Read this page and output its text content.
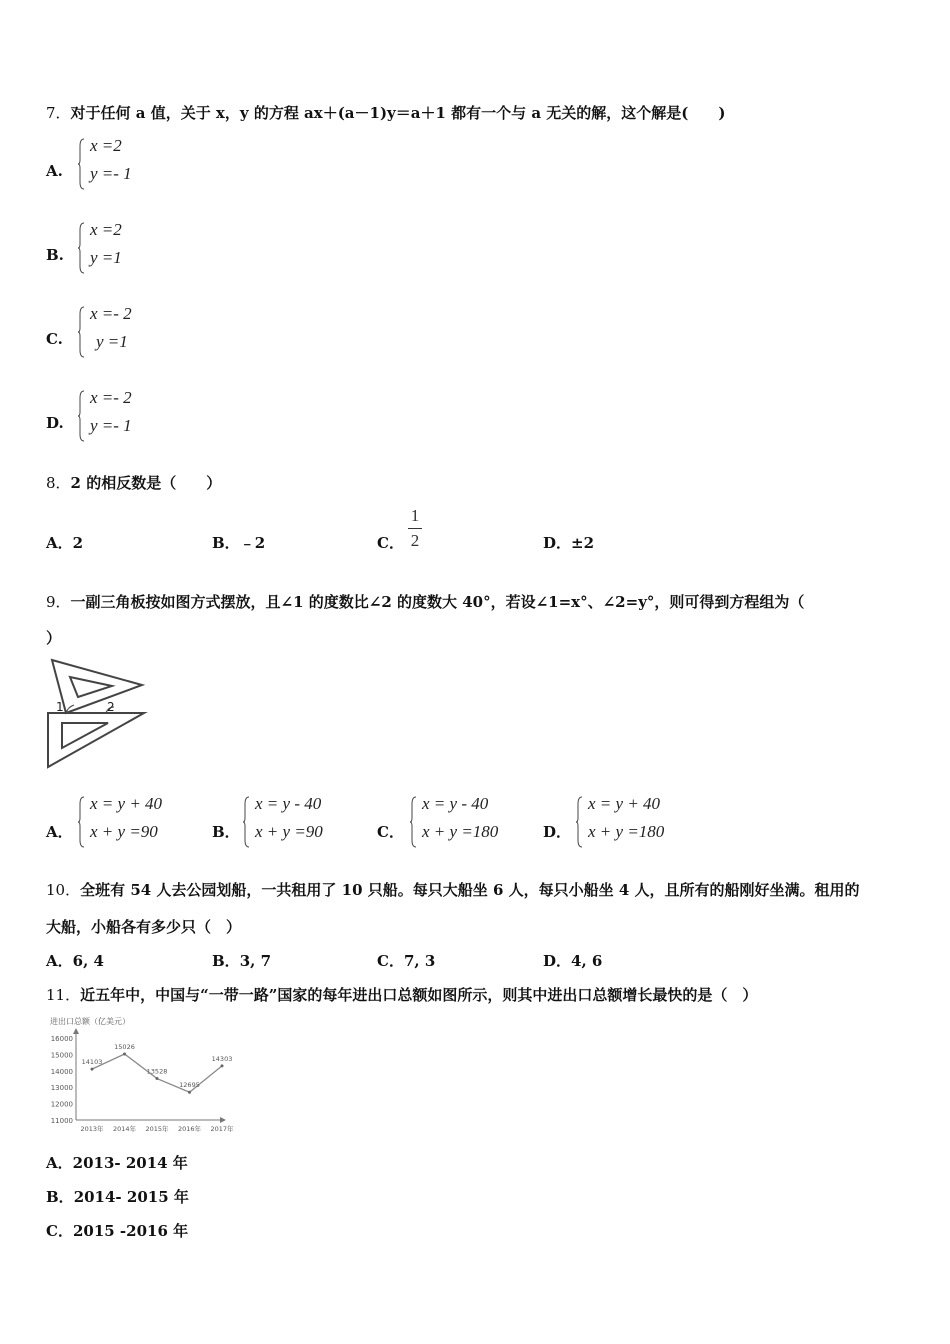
7．对于任何 a 值，关于 x，y 的方程 ax＋(a－1)y＝a＋1 都有一个与 a 无关的解，这个解是(　　)
A.
x =2
y =- 1
B.
x =2
y =1
C.
x =- 2
y =1
D.
x =- 2
y =- 1
8．2 的相反数是（　　）
A．2	B．﹣2	C．
1
2	D．±2
9．一副三角板按如图方式摆放，且∠1 的度数比∠2 的度数大 40°，若设∠1=x°、∠2=y°，则可得到方程组为（
）
1	2
A．
x = y + 40
x + y =90	B．
x = y - 40
x + y =90	C．
x = y - 40
x + y =180	D．
x = y + 40
x + y =180
10．全班有 54 人去公园划船，一共租用了 10 只船。每只大船坐 6 人，每只小船坐 4 人，且所有的船刚好坐满。租用的
大船，小船各有多少只（　）
A．6, 4	B．3, 7	C．7, 3	D．4, 6
11．近五年中，中国与“一带一路”国家的每年进出口总额如图所示，则其中进出口总额增长最快的是（　）
进出口总额（亿美元）
16000
15000
14000
13000
12000
11000
2013年 2014年 2015年 2016年 2017年
14103
15026
13528
12695
14303
A．2013- 2014 年
B．2014- 2015 年
C．2015 -2016 年
